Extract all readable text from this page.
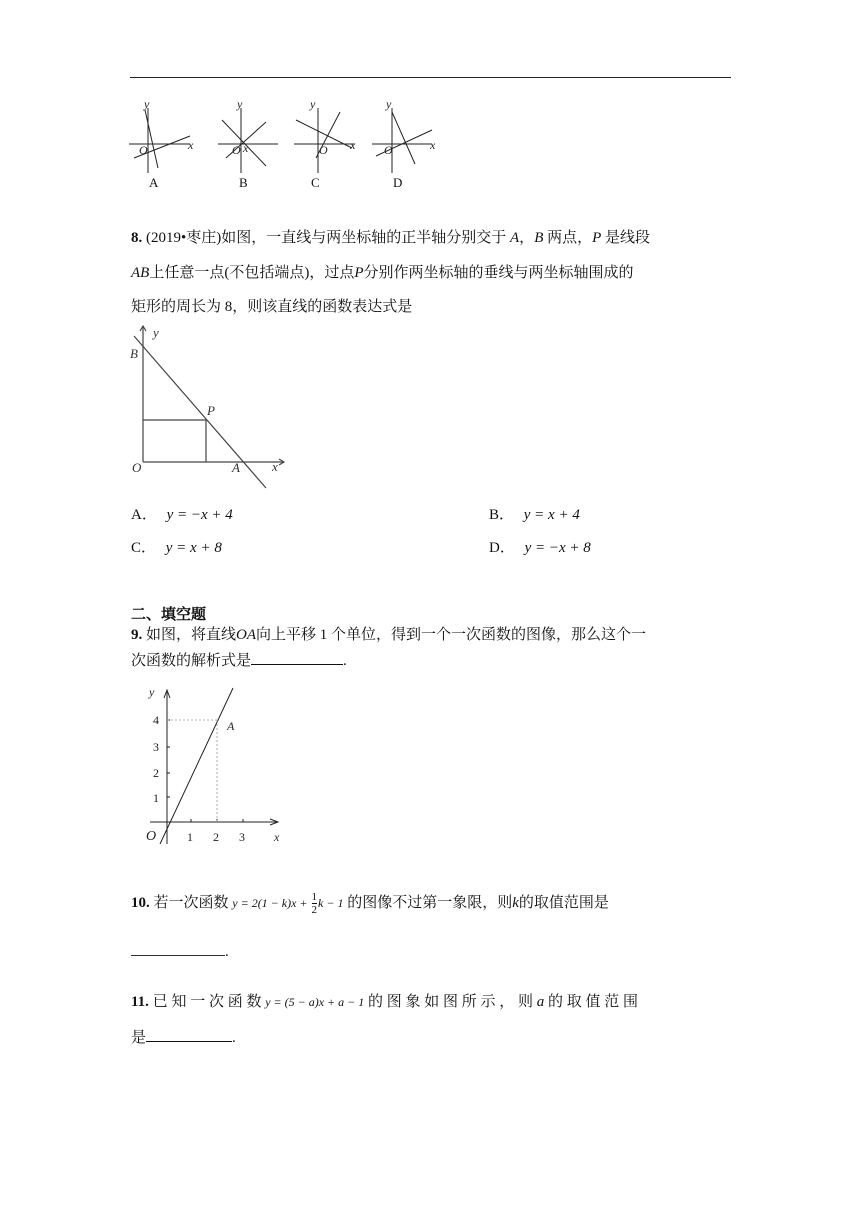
y
x
O
y
x
O
y
x
O
y
x
O
A	B	C	D
8. (2019•枣庄)如图，一直线与两坐标轴的正半轴分别交于 A，B 两点，P 是线段
AB上任意一点(不包括端点)，过点P分别作两坐标轴的垂线与两坐标轴围成的
矩形的周长为 8，则该直线的函数表达式是
y
B
P
O	A x
A． y = −x + 4	B． y = x + 4
C． y = x + 8	D． y = −x + 8
二、填空题
9. 如图，将直线OA向上平移 1 个单位，得到一个一次函数的图像，那么这个一
次函数的解析式是	.
y
4
3
2
1
O	1 2 3 x
A
10. 若一次函数 $y = 2(1 - k)x + \frac{1}{2}$ k − 1 的图像不过第一象限，则k的取值范围是
.
11. 已 知 一 次 函 数 y = (5 − a)x + a − 1 的 图 象 如 图 所 示 ， 则 a 的 取 值 范 围
是	.
